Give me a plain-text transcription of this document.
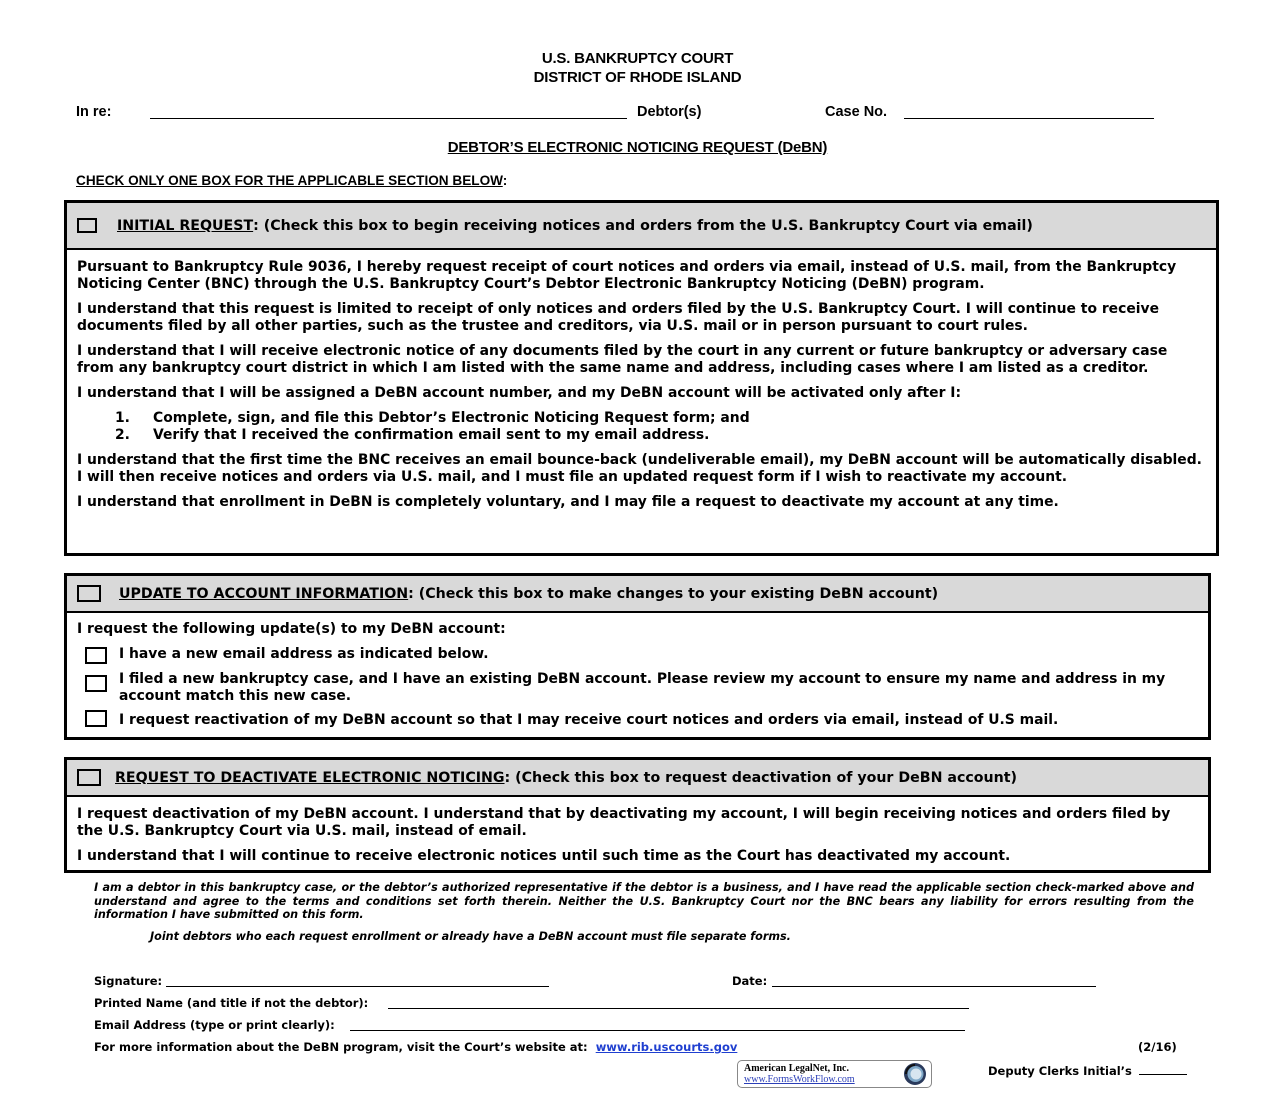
U.S. BANKRUPTCY COURT
DISTRICT OF RHODE ISLAND
In re:	Debtor(s)	Case No.
DEBTOR’S ELECTRONIC NOTICING REQUEST (DeBN)
CHECK ONLY ONE BOX FOR THE APPLICABLE SECTION BELOW:
INITIAL REQUEST : (Check this box to begin receiving notices and orders from the U.S. Bankruptcy Court via email)

Pursuant to Bankruptcy Rule 9036, I hereby request receipt of court notices and orders via email, instead of U.S. mail, from the Bankruptcy Noticing Center (BNC) through the U.S. Bankruptcy Court’s Debtor Electronic Bankruptcy Noticing (DeBN) program.

I understand that this request is limited to receipt of only notices and orders filed by the U.S. Bankruptcy Court. I will continue to receive documents filed by all other parties, such as the trustee and creditors, via U.S. mail or in person pursuant to court rules.

I understand that I will receive electronic notice of any documents filed by the court in any current or future bankruptcy or adversary case from any bankruptcy court district in which I am listed with the same name and address, including cases where I am listed as a creditor.

I understand that I will be assigned a DeBN account number, and my DeBN account will be activated only after I:

1.	Complete, sign, and file this Debtor’s Electronic Noticing Request form; and
2.	Verify that I received the confirmation email sent to my email address.

I understand that the first time the BNC receives an email bounce-back (undeliverable email), my DeBN account will be automatically disabled. I will then receive notices and orders via U.S. mail, and I must file an updated request form if I wish to reactivate my account.

I understand that enrollment in DeBN is completely voluntary, and I may file a request to deactivate my account at any time.

UPDATE TO ACCOUNT INFORMATION : (Check this box to make changes to your existing DeBN account)

I request the following update(s) to my DeBN account:

I have a new email address as indicated below.
I filed a new bankruptcy case, and I have an existing DeBN account. Please review my account to ensure my name and address in my account match this new case.
I request reactivation of my DeBN account so that I may receive court notices and orders via email, instead of U.S mail.
REQUEST TO DEACTIVATE ELECTRONIC NOTICING : (Check this box to request deactivation of your DeBN account)

I request deactivation of my DeBN account. I understand that by deactivating my account, I will begin receiving notices and orders filed by the U.S. Bankruptcy Court via U.S. mail, instead of email.

I understand that I will continue to receive electronic notices until such time as the Court has deactivated my account.

I am a debtor in this bankruptcy case, or the debtor’s authorized representative if the debtor is a business, and I have read the applicable section check-marked above and understand and agree to the terms and conditions set forth therein. Neither the U.S. Bankruptcy Court nor the BNC bears any liability for errors resulting from the information I have submitted on this form.
Joint debtors who each request enrollment or already have a DeBN account must file separate forms.
Signature:	Date:
Printed Name (and title if not the debtor):
Email Address (type or print clearly):
For more information about the DeBN program, visit the Court’s website at: www.rib.uscourts.gov	(2/16)
American LegalNet, Inc.
www.FormsWorkFlow.com
Deputy Clerks Initial’s
